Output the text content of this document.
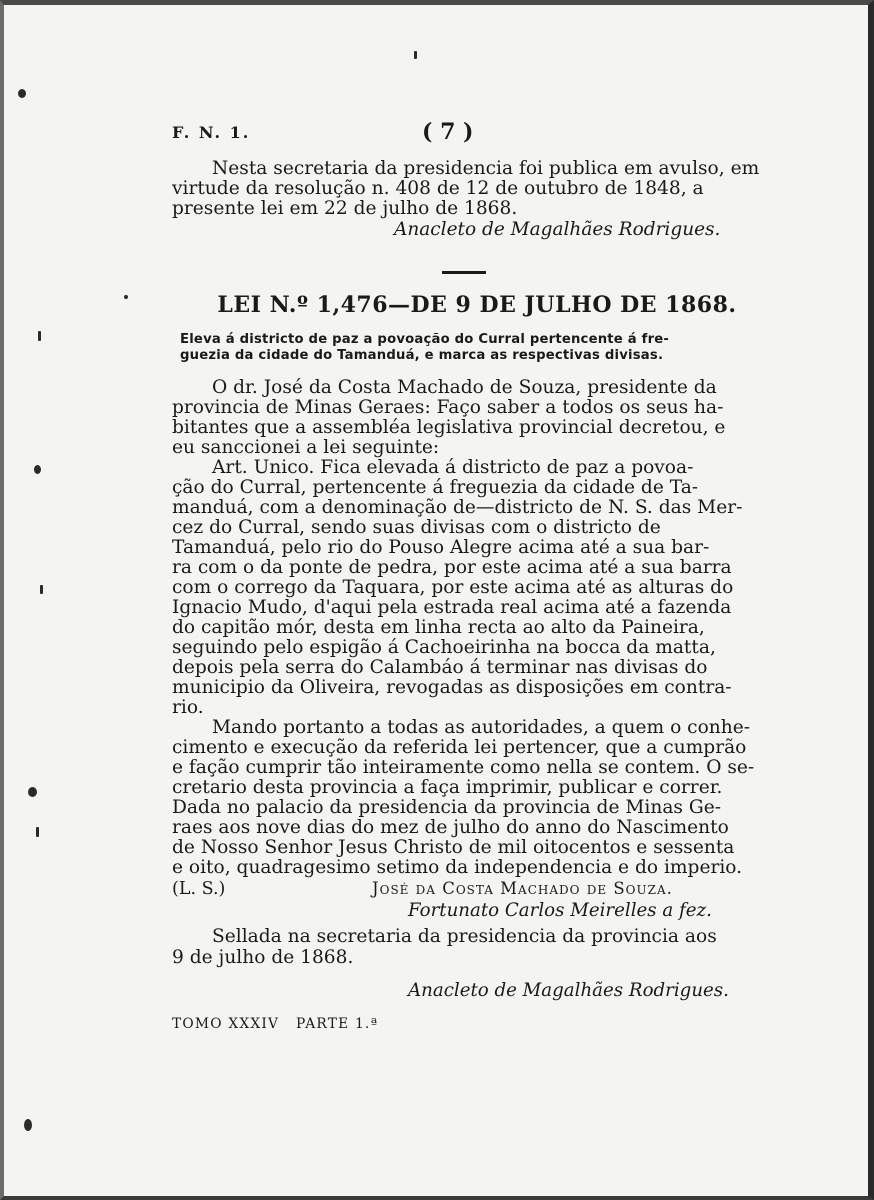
F. N. 1.	( 7 )

Nesta secretaria da presidencia foi publica em avulso, em

virtude da resolução n. 408 de 12 de outubro de 1848, a

presente lei em 22 de julho de 1868.

Anacleto de Magalhães Rodrigues.

LEI N.º 1,476—DE 9 DE JULHO DE 1868.
Eleva á districto de paz a povoação do Curral pertencente á fre-
guezia da cidade do Tamanduá, e marca as respectivas divisas.

O dr. José da Costa Machado de Souza, presidente da

provincia de Minas Geraes: Faço saber a todos os seus ha-

bitantes que a assembléa legislativa provincial decretou, e

eu sanccionei a lei seguinte:

Art. Unico. Fica elevada á districto de paz a povoa-

ção do Curral, pertencente á freguezia da cidade de Ta-

manduá, com a denominação de—districto de N. S. das Mer-

cez do Curral, sendo suas divisas com o districto de

Tamanduá, pelo rio do Pouso Alegre acima até a sua bar-

ra com o da ponte de pedra, por este acima até a sua barra

com o corrego da Taquara, por este acima até as alturas do

Ignacio Mudo, d'aqui pela estrada real acima até a fazenda

do capitão mór, desta em linha recta ao alto da Paineira,

seguindo pelo espigão á Cachoeirinha na bocca da matta,

depois pela serra do Calambáo á terminar nas divisas do

municipio da Oliveira, revogadas as disposições em contra-

rio.

Mando portanto a todas as autoridades, a quem o conhe-

cimento e execução da referida lei pertencer, que a cumprão

e fação cumprir tão inteiramente como nella se contem. O se-

cretario desta provincia a faça imprimir, publicar e correr.

Dada no palacio da presidencia da provincia de Minas Ge-

raes aos nove dias do mez de julho do anno do Nascimento

de Nosso Senhor Jesus Christo de mil oitocentos e sessenta

e oito, quadragesimo setimo da independencia e do imperio.

(L. S.)	José da Costa Machado de Souza.

Fortunato Carlos Meirelles a fez.

Sellada na secretaria da presidencia da provincia aos

9 de julho de 1868.

Anacleto de Magalhães Rodrigues.

TOMO XXXIV   PARTE 1.ª
